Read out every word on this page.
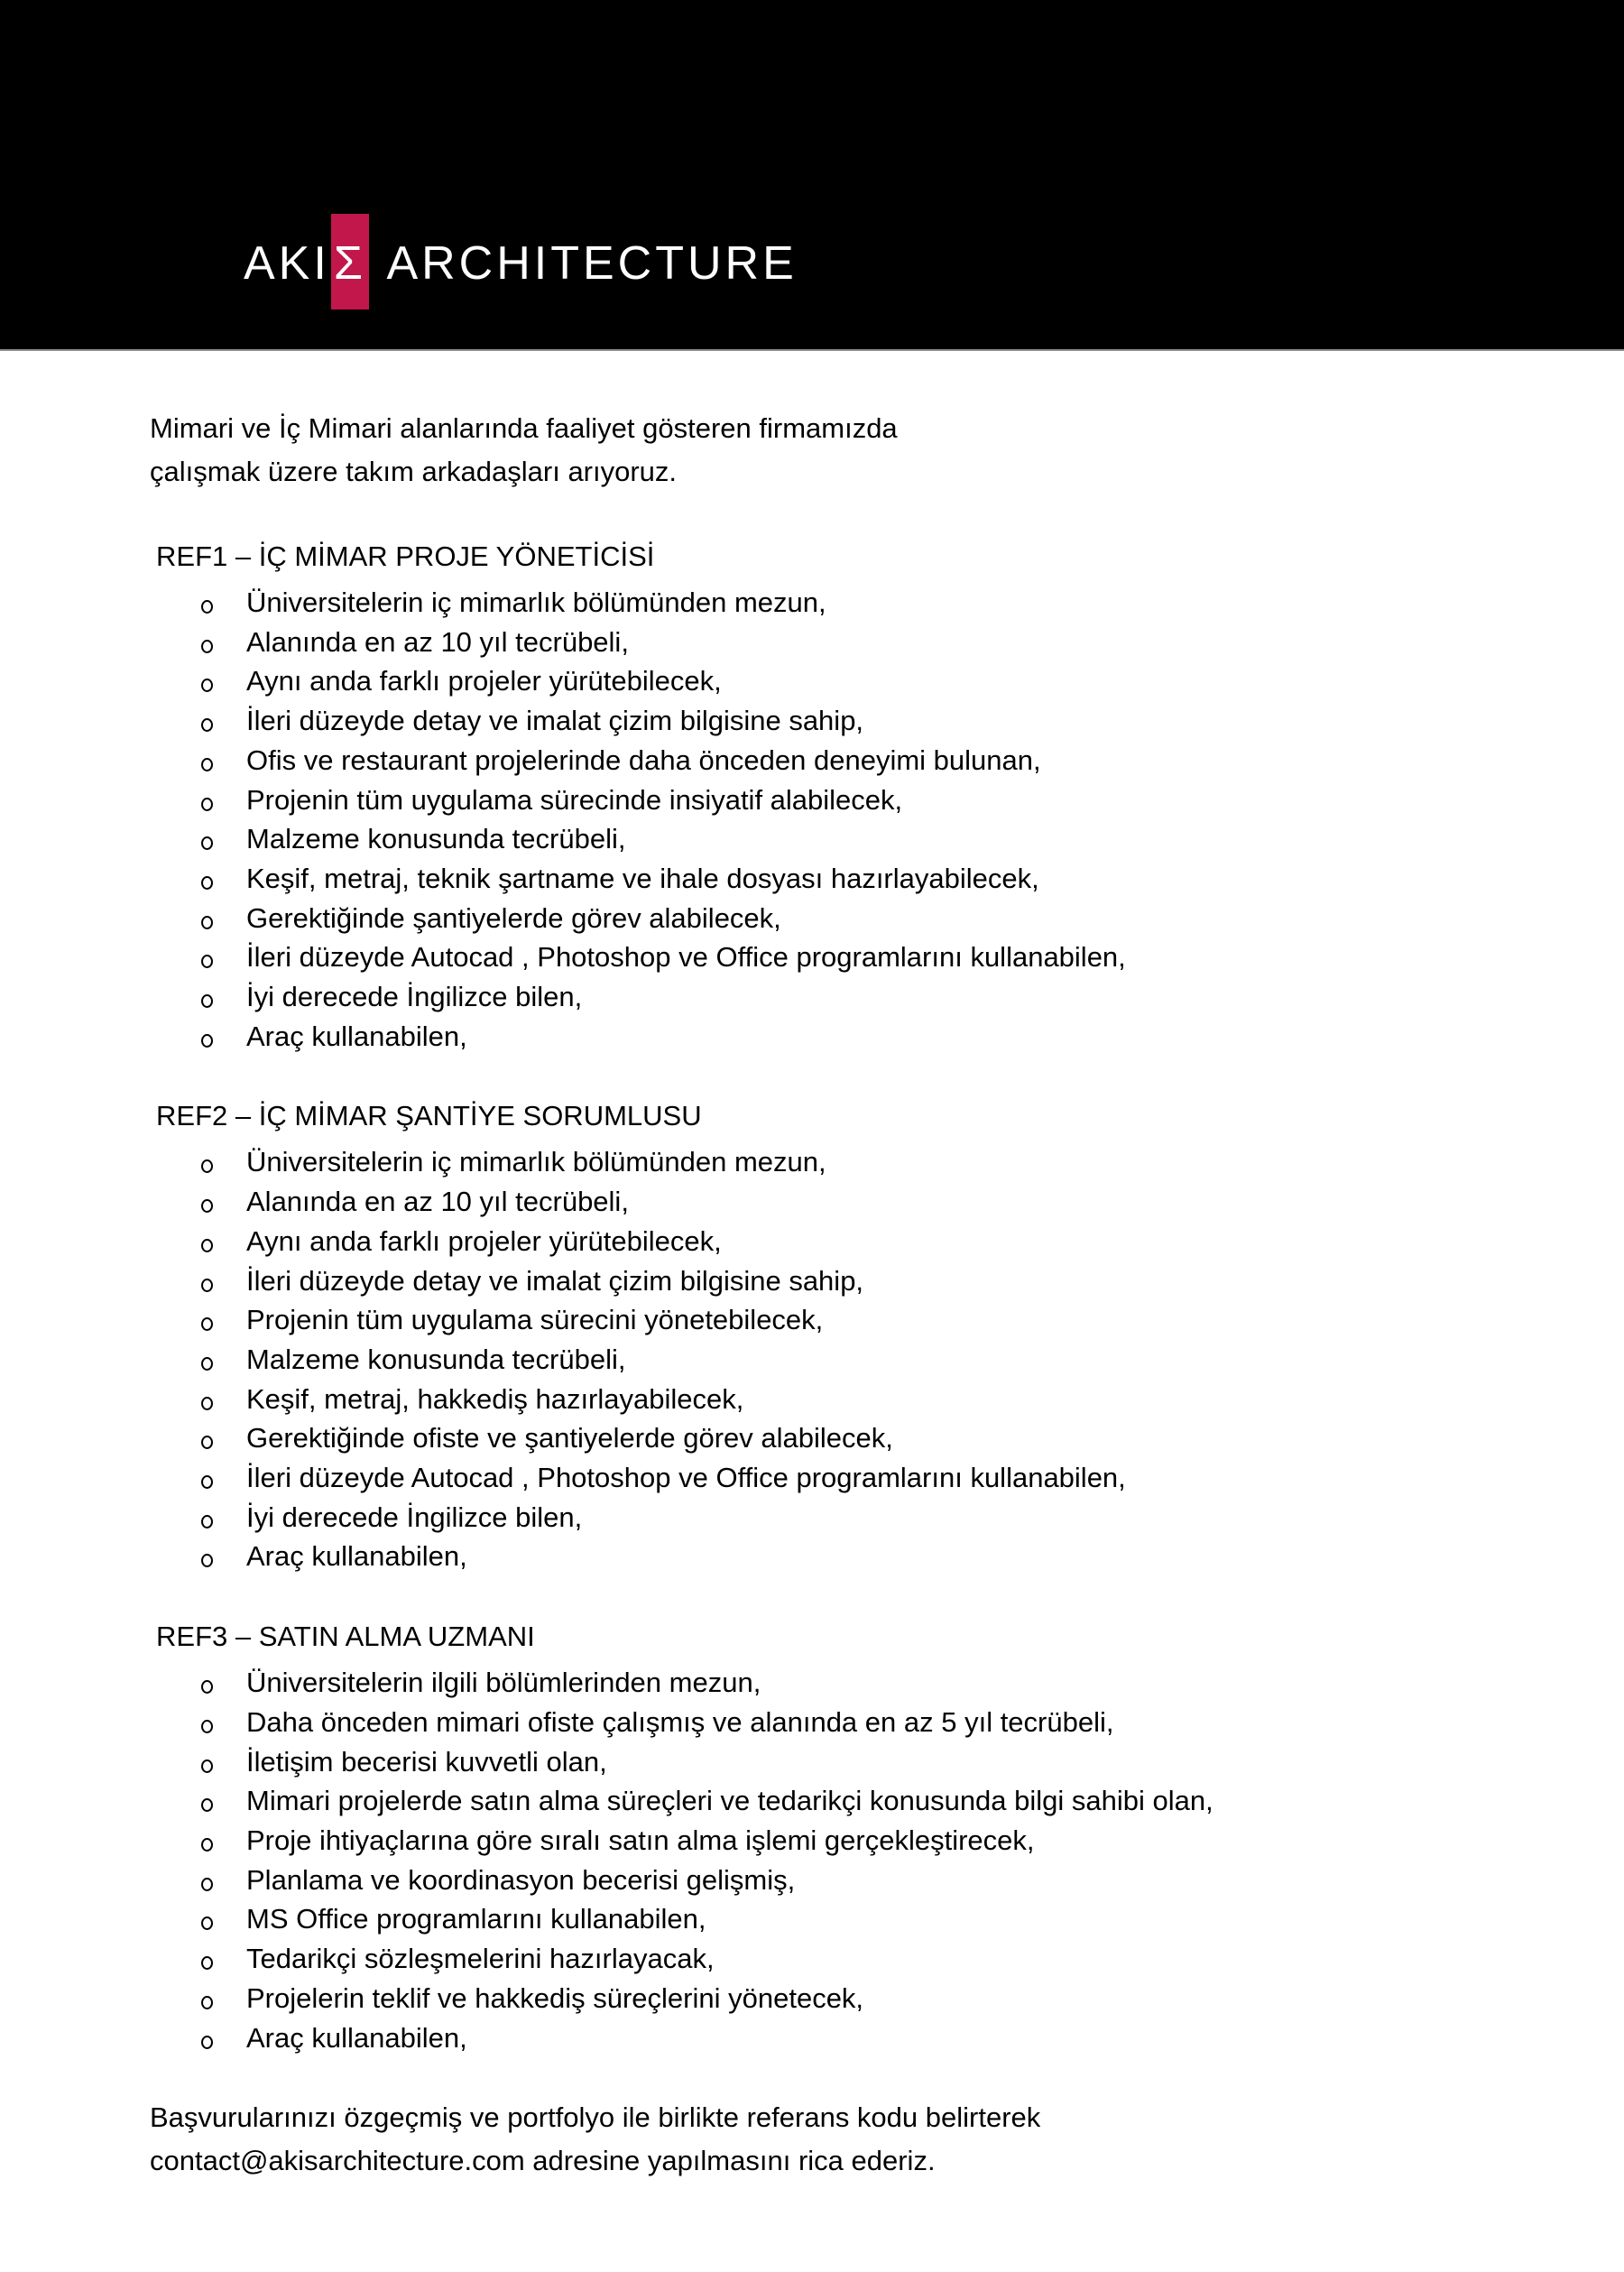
AKIΣ ARCHITECTURE
Mimari ve İç Mimari alanlarında faaliyet gösteren firmamızda
çalışmak üzere takım arkadaşları arıyoruz.
REF1 – İÇ MİMAR PROJE YÖNETİCİSİ
Üniversitelerin iç mimarlık bölümünden mezun,
Alanında en az 10 yıl tecrübeli,
Aynı anda farklı projeler yürütebilecek,
İleri düzeyde detay ve imalat çizim bilgisine sahip,
Ofis ve restaurant projelerinde daha önceden deneyimi bulunan,
Projenin tüm uygulama sürecinde insiyatif alabilecek,
Malzeme konusunda tecrübeli,
Keşif, metraj, teknik şartname ve ihale dosyası hazırlayabilecek,
Gerektiğinde şantiyelerde görev alabilecek,
İleri düzeyde Autocad , Photoshop ve Office programlarını kullanabilen,
İyi derecede İngilizce bilen,
Araç kullanabilen,
REF2 – İÇ MİMAR ŞANTİYE SORUMLUSU
Üniversitelerin iç mimarlık bölümünden mezun,
Alanında en az 10 yıl tecrübeli,
Aynı anda farklı projeler yürütebilecek,
İleri düzeyde detay ve imalat çizim bilgisine sahip,
Projenin tüm uygulama sürecini yönetebilecek,
Malzeme konusunda tecrübeli,
Keşif, metraj, hakkediş hazırlayabilecek,
Gerektiğinde ofiste ve şantiyelerde görev alabilecek,
İleri düzeyde Autocad , Photoshop ve Office programlarını kullanabilen,
İyi derecede İngilizce bilen,
Araç kullanabilen,
REF3 – SATIN ALMA UZMANI
Üniversitelerin ilgili bölümlerinden mezun,
Daha önceden mimari ofiste çalışmış ve alanında en az 5 yıl tecrübeli,
İletişim becerisi kuvvetli olan,
Mimari projelerde satın alma süreçleri ve tedarikçi konusunda bilgi sahibi olan,
Proje ihtiyaçlarına göre sıralı satın alma işlemi gerçekleştirecek,
Planlama ve koordinasyon becerisi gelişmiş,
MS Office programlarını kullanabilen,
Tedarikçi sözleşmelerini hazırlayacak,
Projelerin teklif ve hakkediş süreçlerini yönetecek,
Araç kullanabilen,
Başvurularınızı özgeçmiş ve portfolyo ile birlikte referans kodu belirterek
contact@akisarchitecture.com adresine yapılmasını rica ederiz.
